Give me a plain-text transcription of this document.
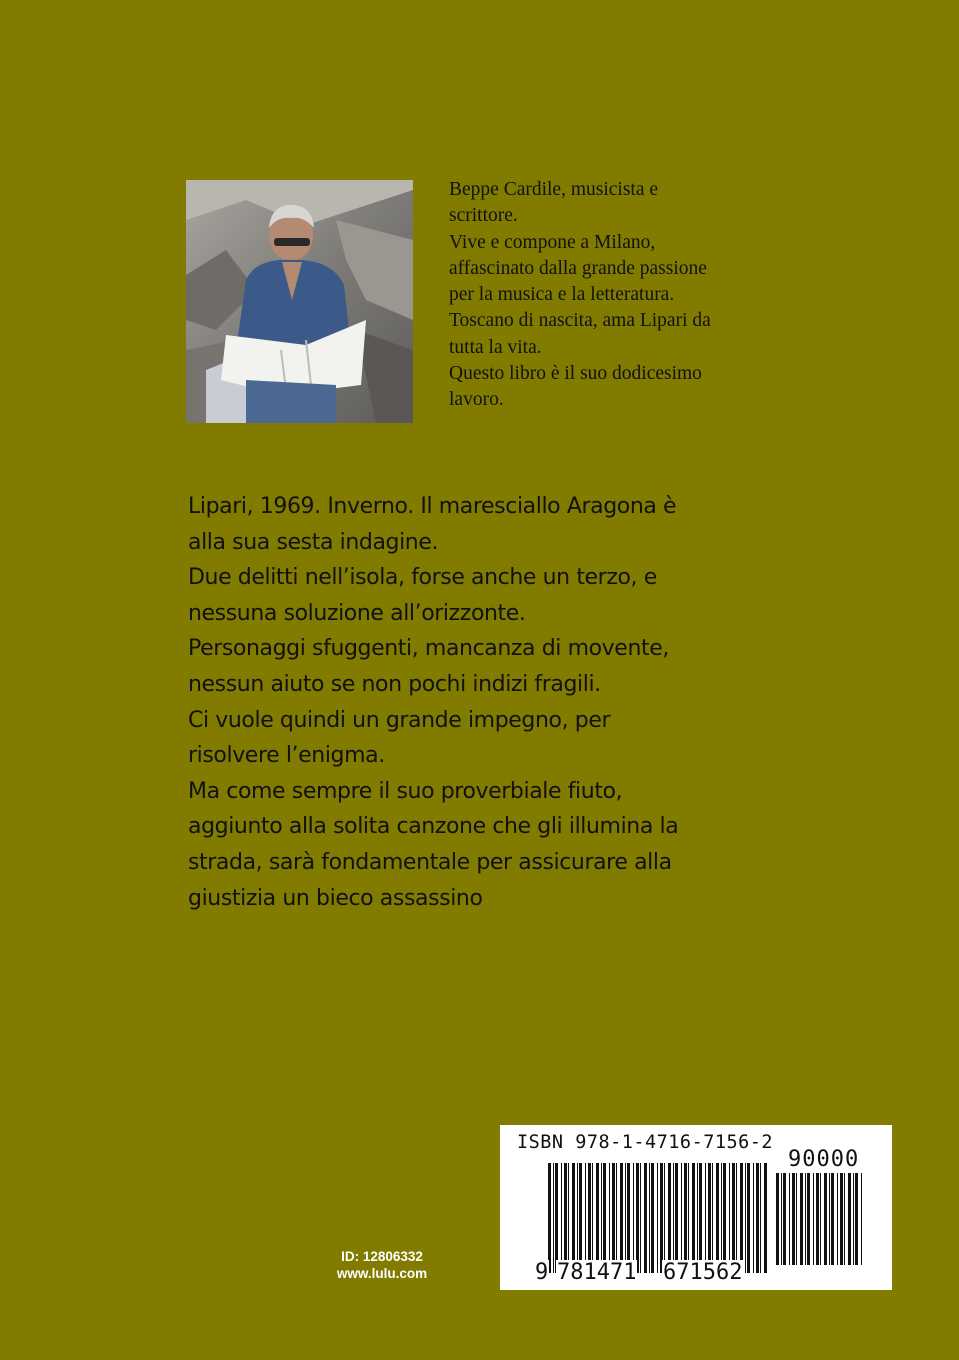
Beppe Cardile, musicista e
scrittore.
Vive e compone a Milano,
affascinato dalla grande passione
per la musica e la letteratura.
Toscano di nascita, ama Lipari da
tutta la vita.
Questo libro è il suo dodicesimo
lavoro.
Lipari, 1969. Inverno. Il maresciallo Aragona è
alla sua sesta indagine.
Due delitti nell’isola, forse anche un terzo, e
nessuna soluzione all’orizzonte.
Personaggi sfuggenti, mancanza di movente,
nessun aiuto se non pochi indizi fragili.
Ci vuole quindi un grande impegno, per
risolvere l’enigma.
Ma come sempre il suo proverbiale fiuto,
aggiunto alla solita canzone che gli illumina la
strada, sarà fondamentale per assicurare alla
giustizia un bieco assassino
ID: 12806332
www.lulu.com
ISBN 978-1-4716-7156-2
90000
9 781471 671562
